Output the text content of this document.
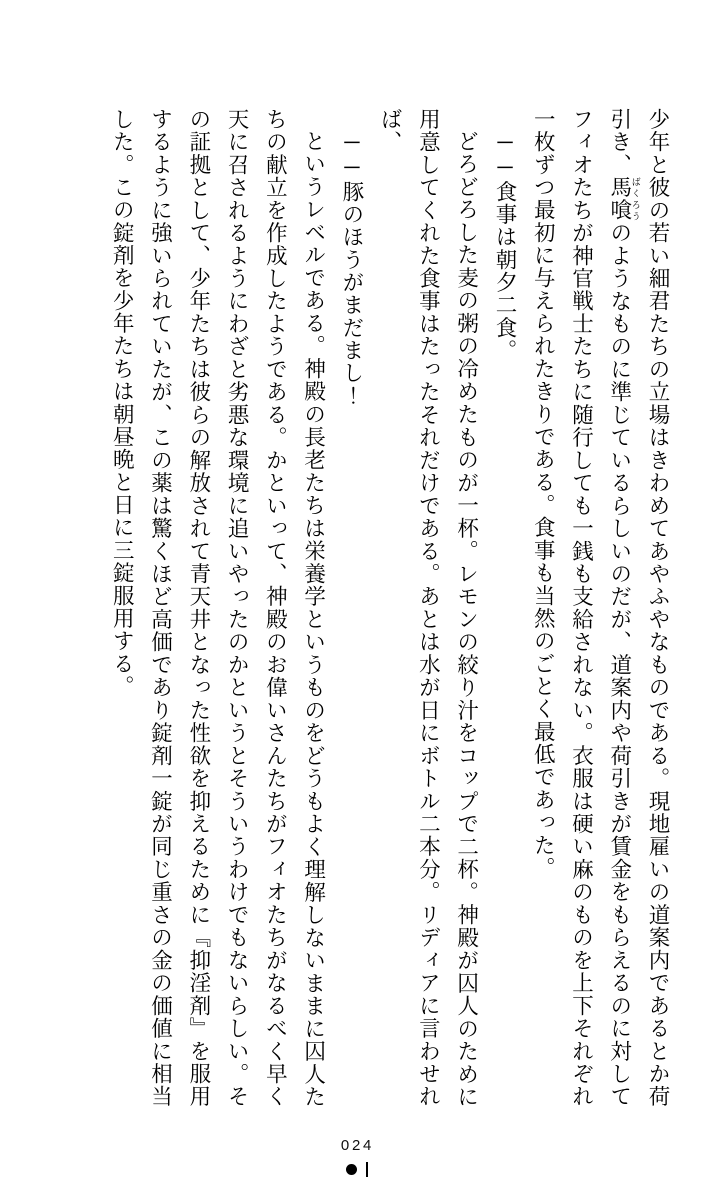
少年と彼の若い細君たちの立場はきわめてあやふやなものである。現地雇いの道案内であるとか荷引き、馬喰 ばくろうのようなものに準じているらしいのだが、道案内や荷引きが賃金をもらえるのに対してフィオたちが神官戦士たちに随行しても一銭も支給されない。衣服は硬い麻のものを上下それぞれ一枚ずつ最初に与えられたきりである。食事も当然のごとく最低であった。

──食事は朝夕二食。

どろどろした麦の粥の冷めたものが一杯。レモンの絞り汁をコップで二杯。神殿が囚人のために用意してくれた食事はたったそれだけである。あとは水が日にボトル二本分。リディアに言わせれば、

──豚のほうがまだまし！

というレベルである。神殿の長老たちは栄養学というものをどうもよく理解しないままに囚人たちの献立を作成したようである。かといって、神殿のお偉いさんたちがフィオたちがなるべく早く天に召されるようにわざと劣悪な環境に追いやったのかというとそういうわけでもないらしい。その証拠として、少年たちは彼らの解放されて青天井となった性欲を抑えるために『抑淫剤』を服用するように強いられていたが、この薬は驚くほど高価であり錠剤一錠が同じ重さの金の価値に相当した。この錠剤を少年たちは朝昼晩と日に三錠服用する。

024
